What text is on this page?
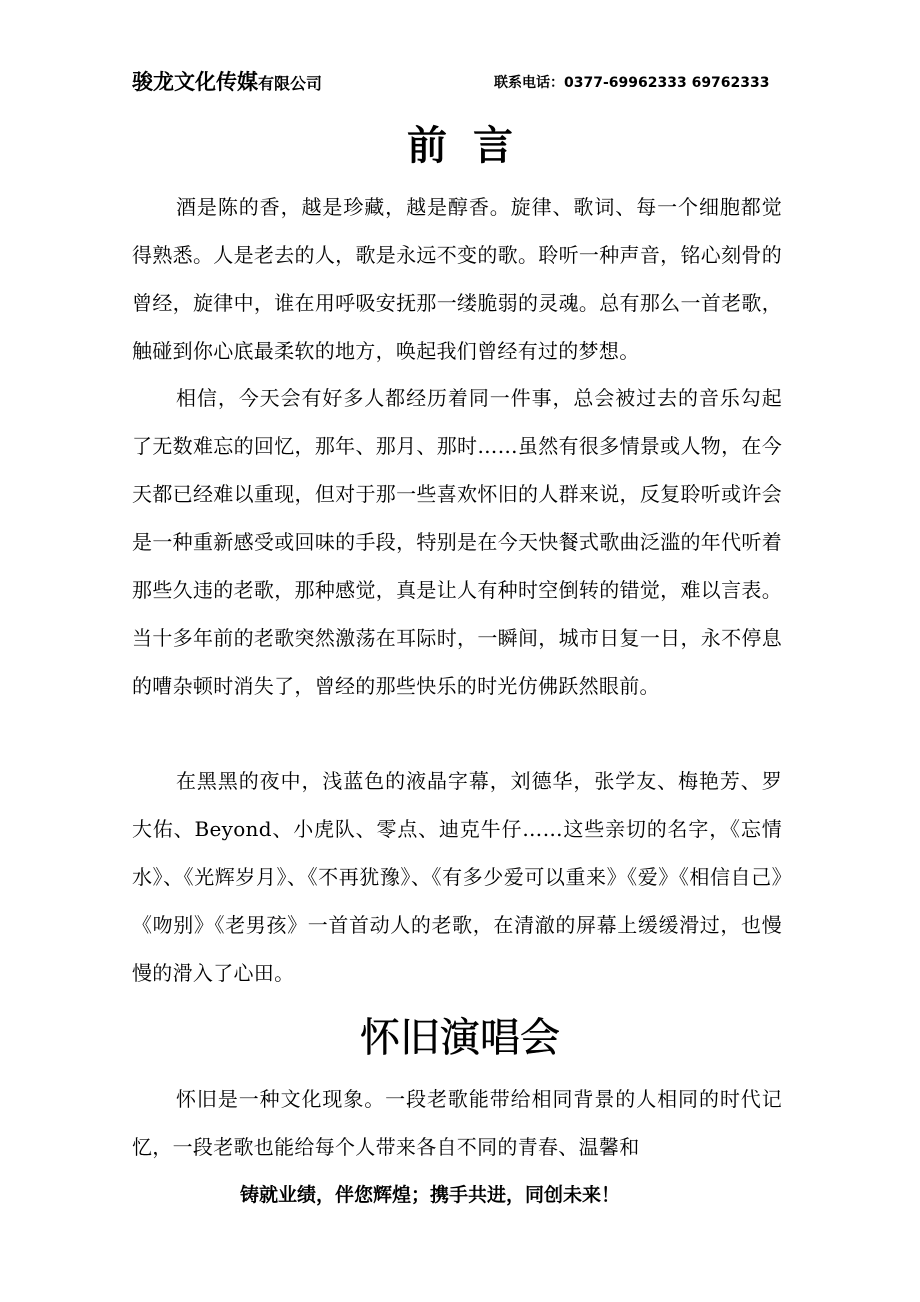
骏龙文化传媒有限公司	联系电话：0377-69962333 69762333
前言

酒是陈的香，越是珍藏，越是醇香。旋律、歌词、每一个细胞都觉得熟悉。人是老去的人，歌是永远不变的歌。聆听一种声音，铭心刻骨的曾经，旋律中，谁在用呼吸安抚那一缕脆弱的灵魂。总有那么一首老歌，触碰到你心底最柔软的地方，唤起我们曾经有过的梦想。

相信，今天会有好多人都经历着同一件事，总会被过去的音乐勾起了无数难忘的回忆，那年、那月、那时……虽然有很多情景或人物，在今天都已经难以重现，但对于那一些喜欢怀旧的人群来说，反复聆听或许会是一种重新感受或回味的手段，特别是在今天快餐式歌曲泛滥的年代听着那些久违的老歌，那种感觉，真是让人有种时空倒转的错觉，难以言表。当十多年前的老歌突然激荡在耳际时，一瞬间，城市日复一日，永不停息的嘈杂顿时消失了，曾经的那些快乐的时光仿佛跃然眼前。

在黑黑的夜中，浅蓝色的液晶字幕，刘德华，张学友、梅艳芳、罗大佑、Beyond、小虎队、零点、迪克牛仔……这些亲切的名字，《忘情水》、《光辉岁月》、《不再犹豫》、《有多少爱可以重来》《爱》《相信自己》《吻别》《老男孩》一首首动人的老歌，在清澈的屏幕上缓缓滑过，也慢慢的滑入了心田。

怀旧演唱会

怀旧是一种文化现象。一段老歌能带给相同背景的人相同的时代记忆，一段老歌也能给每个人带来各自不同的青春、温馨和

铸就业绩，伴您辉煌；携手共进，同创未来！
